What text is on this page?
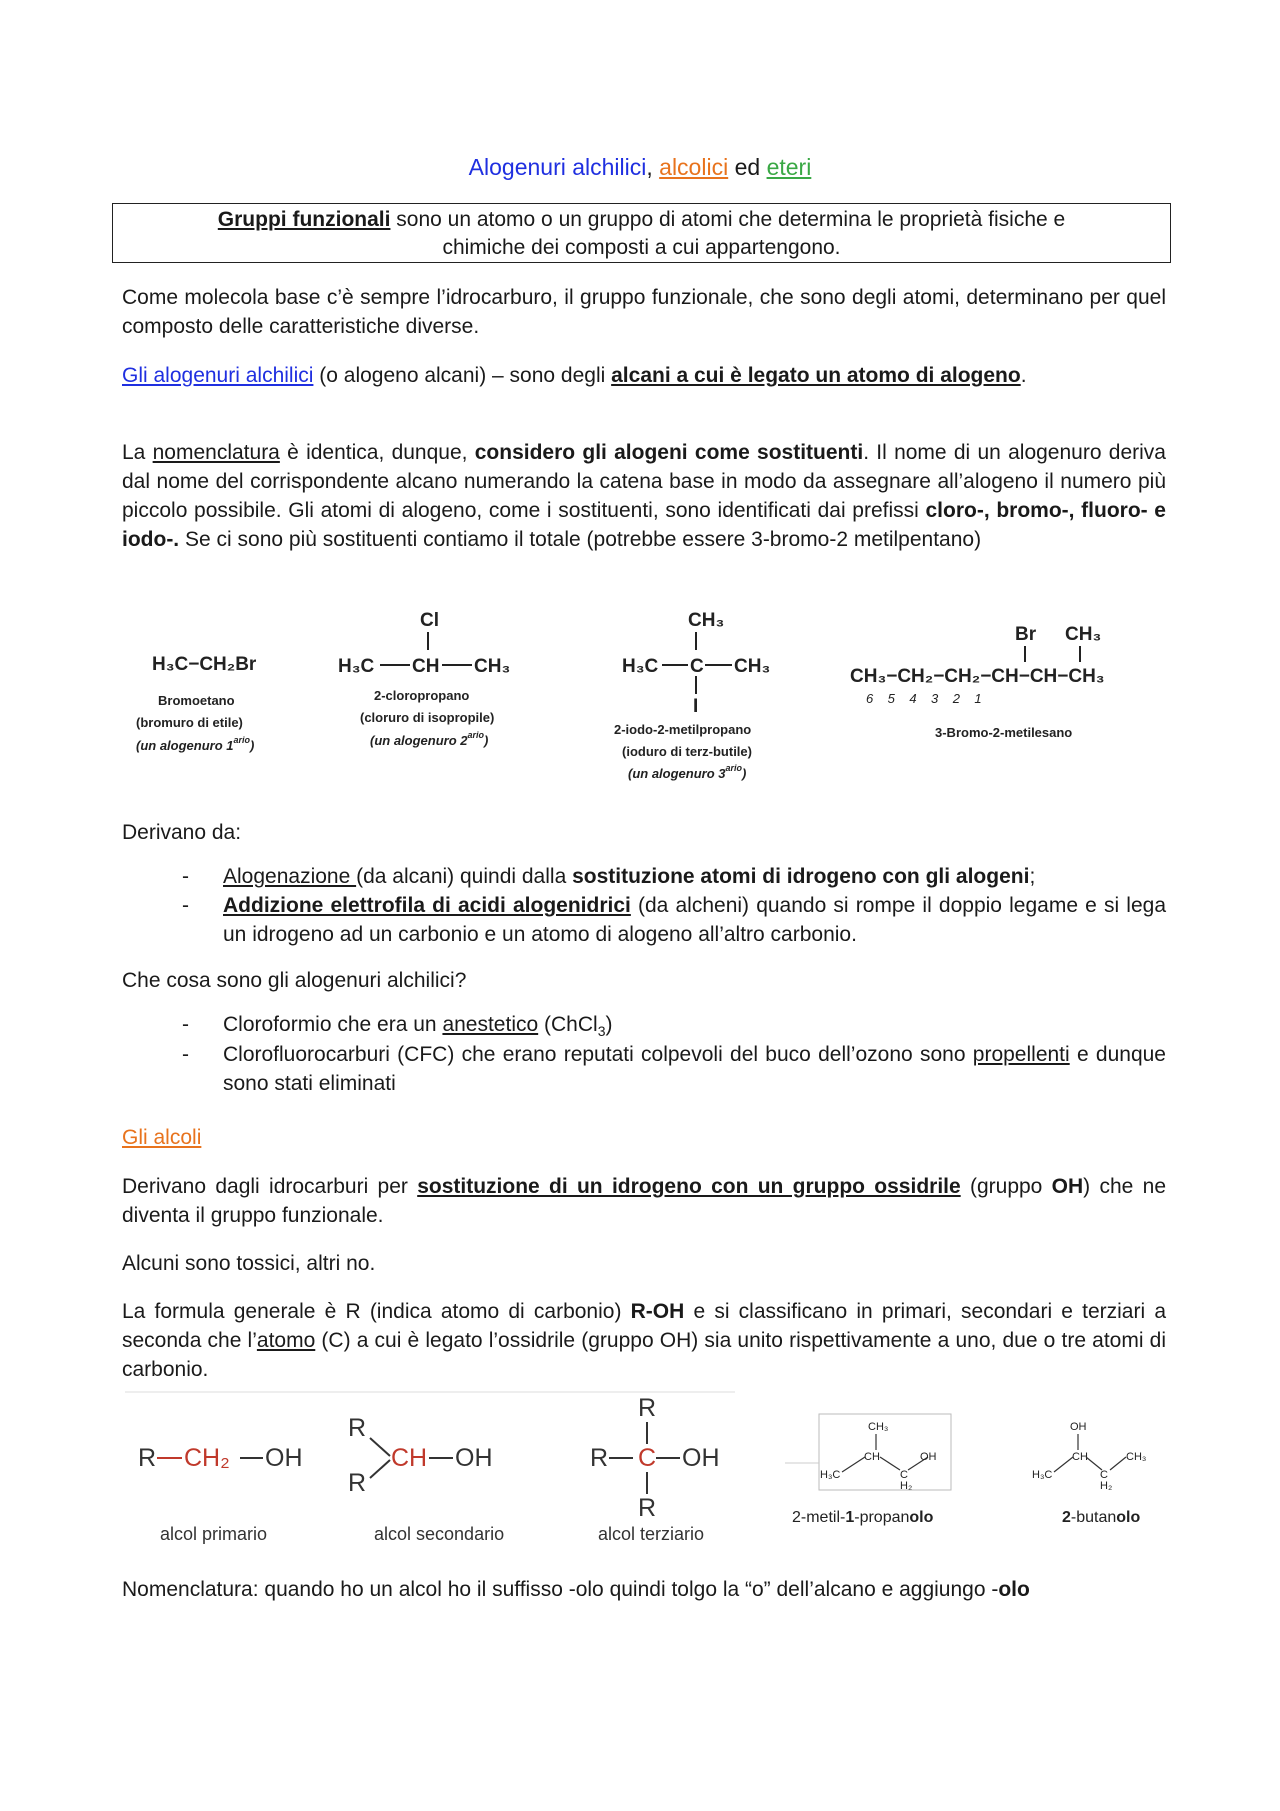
Alogenuri alchilici, alcolici ed eteri
Gruppi funzionali sono un atomo o un gruppo di atomi che determina le proprietà fisiche e
chimiche dei composti a cui appartengono.
Come molecola base c’è sempre l’idrocarburo, il gruppo funzionale, che sono degli atomi, determinano per quel composto delle caratteristiche diverse.
Gli alogenuri alchilici (o alogeno alcani) – sono degli alcani a cui è legato un atomo di alogeno.
La nomenclatura è identica, dunque, considero gli alogeni come sostituenti. Il nome di un alogenuro deriva dal nome del corrispondente alcano numerando la catena base in modo da assegnare all’alogeno il numero più piccolo possibile. Gli atomi di alogeno, come i sostituenti, sono identificati dai prefissi cloro-, bromo-, fluoro- e iodo-. Se ci sono più sostituenti contiamo il totale (potrebbe essere 3-bromo-2 metilpentano)
H₃C−CH₂Br
Bromoetano
(bromuro di etile)
(un alogenuro $1^{ario}$)
Cl
H₃C CH CH₃
2-cloropropano
(cloruro di isopropile)
(un alogenuro $2^{ario}$)
CH₃
H₃C C CH₃
I
2-iodo-2-metilpropano
(ioduro di terz-butile)
(un alogenuro $3^{ario}$)
Br CH₃
CH₃−CH₂−CH₂−CH−CH−CH₃
6    5    4    3    2    1
3-Bromo-2-metilesano
Derivano da:
- Alogenazione (da alcani) quindi dalla sostituzione atomi di idrogeno con gli alogeni;
- Addizione elettrofila di acidi alogenidrici (da alcheni) quando si rompe il doppio legame e si lega un idrogeno ad un carbonio e un atomo di alogeno all’altro carbonio.
Che cosa sono gli alogenuri alchilici?
- Cloroformio che era un anestetico (ChCl$_3$)
- Clorofluorocarburi (CFC) che erano reputati colpevoli del buco dell’ozono sono propellenti e dunque sono stati eliminati
Gli alcoli
Derivano dagli idrocarburi per sostituzione di un idrogeno con un gruppo ossidrile (gruppo OH) che ne diventa il gruppo funzionale.
Alcuni sono tossici, altri no.
La formula generale è R (indica atomo di carbonio) R-OH e si classificano in primari, secondari e terziari a seconda che l’atomo (C) a cui è legato l’ossidrile (gruppo OH) sia unito rispettivamente a uno, due o tre atomi di carbonio.
R CH₂ OH
alcol primario
R
R
CH OH
alcol secondario
R
R C OH
R
alcol terziario
CH₃
CH
H₃C	C
H₂
OH
2-metil-1-propanolo
OH
CH
H₃C	C
H₂
CH₃
2-butanolo
Nomenclatura: quando ho un alcol ho il suffisso -olo quindi tolgo la “o” dell’alcano e aggiungo -olo
